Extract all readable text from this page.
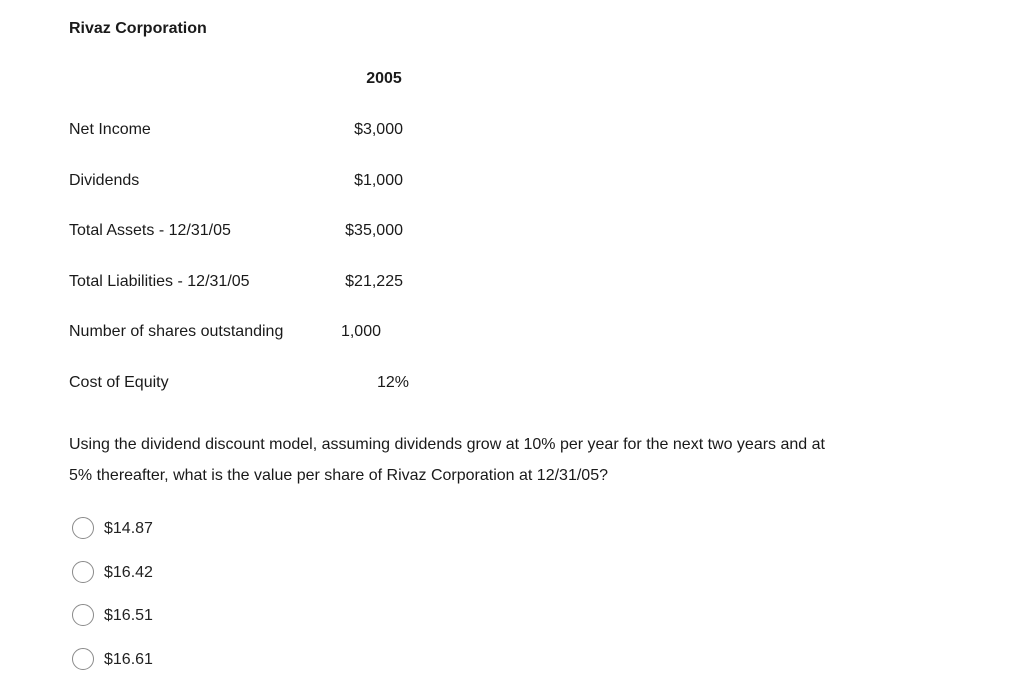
Rivaz Corporation
2005
Net Income	$3,000
Dividends	$1,000
Total Assets - 12/31/05	$35,000
Total Liabilities - 12/31/05	$21,225
Number of shares outstanding	1,000
Cost of Equity	12%
Using the dividend discount model, assuming dividends grow at 10% per year for the next two years and at 5% thereafter, what is the value per share of Rivaz Corporation at 12/31/05?
$14.87
$16.42
$16.51
$16.61
